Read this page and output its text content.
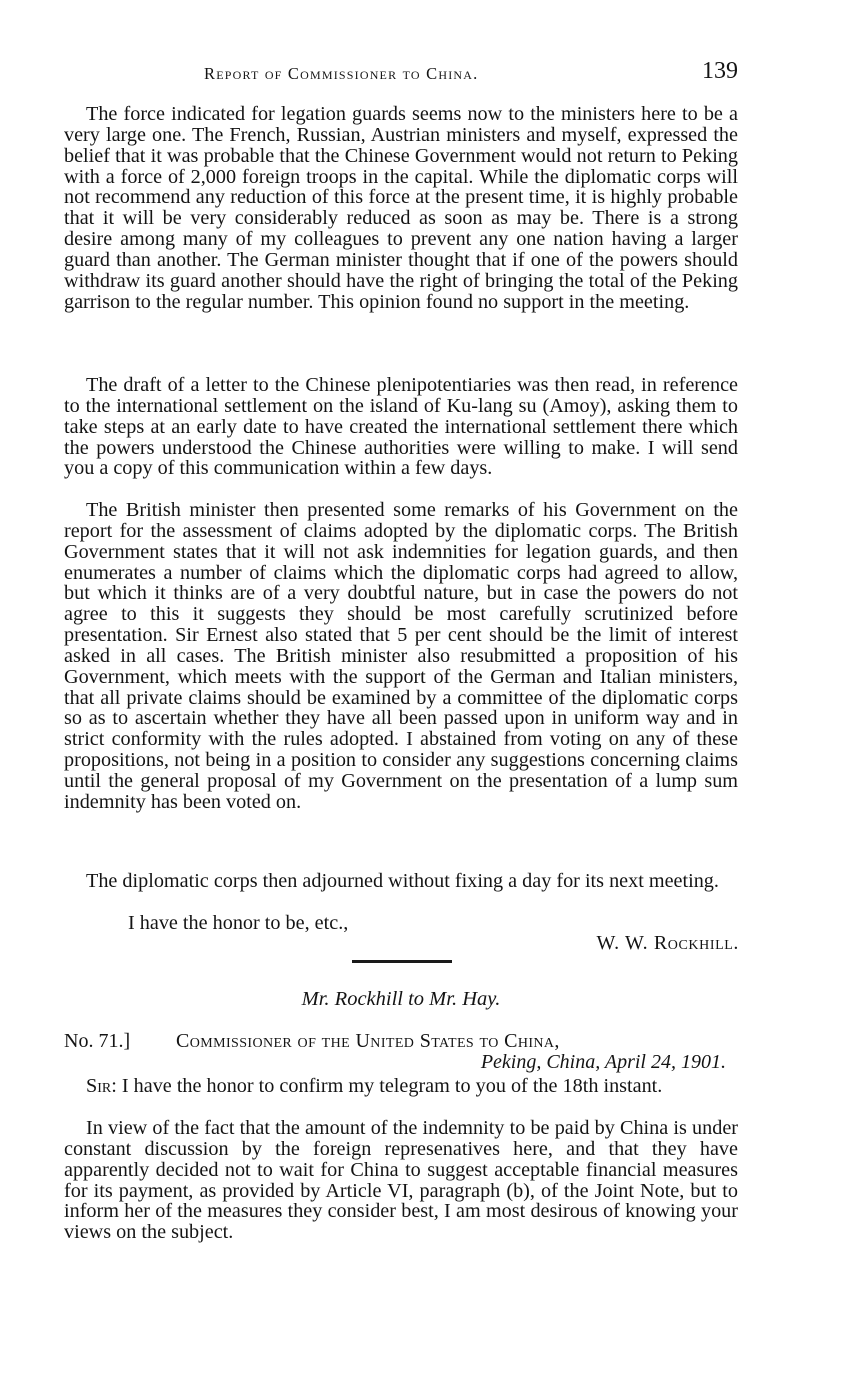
Report of Commissioner to China.	139

The force indicated for legation guards seems now to the ministers here to be a very large one. The French, Russian, Austrian ministers and myself, expressed the belief that it was probable that the Chinese Government would not return to Peking with a force of 2,000 foreign troops in the capital. While the diplomatic corps will not recommend any reduction of this force at the present time, it is highly probable that it will be very considerably reduced as soon as may be. There is a strong desire among many of my colleagues to prevent any one nation having a larger guard than another. The German minister thought that if one of the powers should withdraw its guard another should have the right of bringing the total of the Peking garrison to the regular number. This opinion found no support in the meeting.

The draft of a letter to the Chinese plenipotentiaries was then read, in reference to the international settlement on the island of Ku-lang su (Amoy), asking them to take steps at an early date to have created the international settlement there which the powers understood the Chinese authorities were willing to make. I will send you a copy of this communication within a few days.

The British minister then presented some remarks of his Government on the report for the assessment of claims adopted by the diplomatic corps. The British Government states that it will not ask indemnities for legation guards, and then enumerates a number of claims which the diplomatic corps had agreed to allow, but which it thinks are of a very doubtful nature, but in case the powers do not agree to this it suggests they should be most carefully scrutinized before presentation. Sir Ernest also stated that 5 per cent should be the limit of interest asked in all cases. The British minister also resubmitted a proposition of his Government, which meets with the support of the German and Italian ministers, that all private claims should be examined by a committee of the diplomatic corps so as to ascertain whether they have all been passed upon in uniform way and in strict conformity with the rules adopted. I abstained from voting on any of these propositions, not being in a position to consider any suggestions concerning claims until the general proposal of my Government on the presentation of a lump sum indemnity has been voted on.

The diplomatic corps then adjourned without fixing a day for its next meeting.

I have the honor to be, etc.,

W. W. Rockhill.
Mr. Rockhill to Mr. Hay.
No. 71.] Commissioner of the United States to China,
Peking, China, April 24, 1901.

Sir: I have the honor to confirm my telegram to you of the 18th instant.

In view of the fact that the amount of the indemnity to be paid by China is under constant discussion by the foreign represenatives here, and that they have apparently decided not to wait for China to suggest acceptable financial measures for its payment, as provided by Article VI, paragraph (b), of the Joint Note, but to inform her of the measures they consider best, I am most desirous of knowing your views on the subject.
